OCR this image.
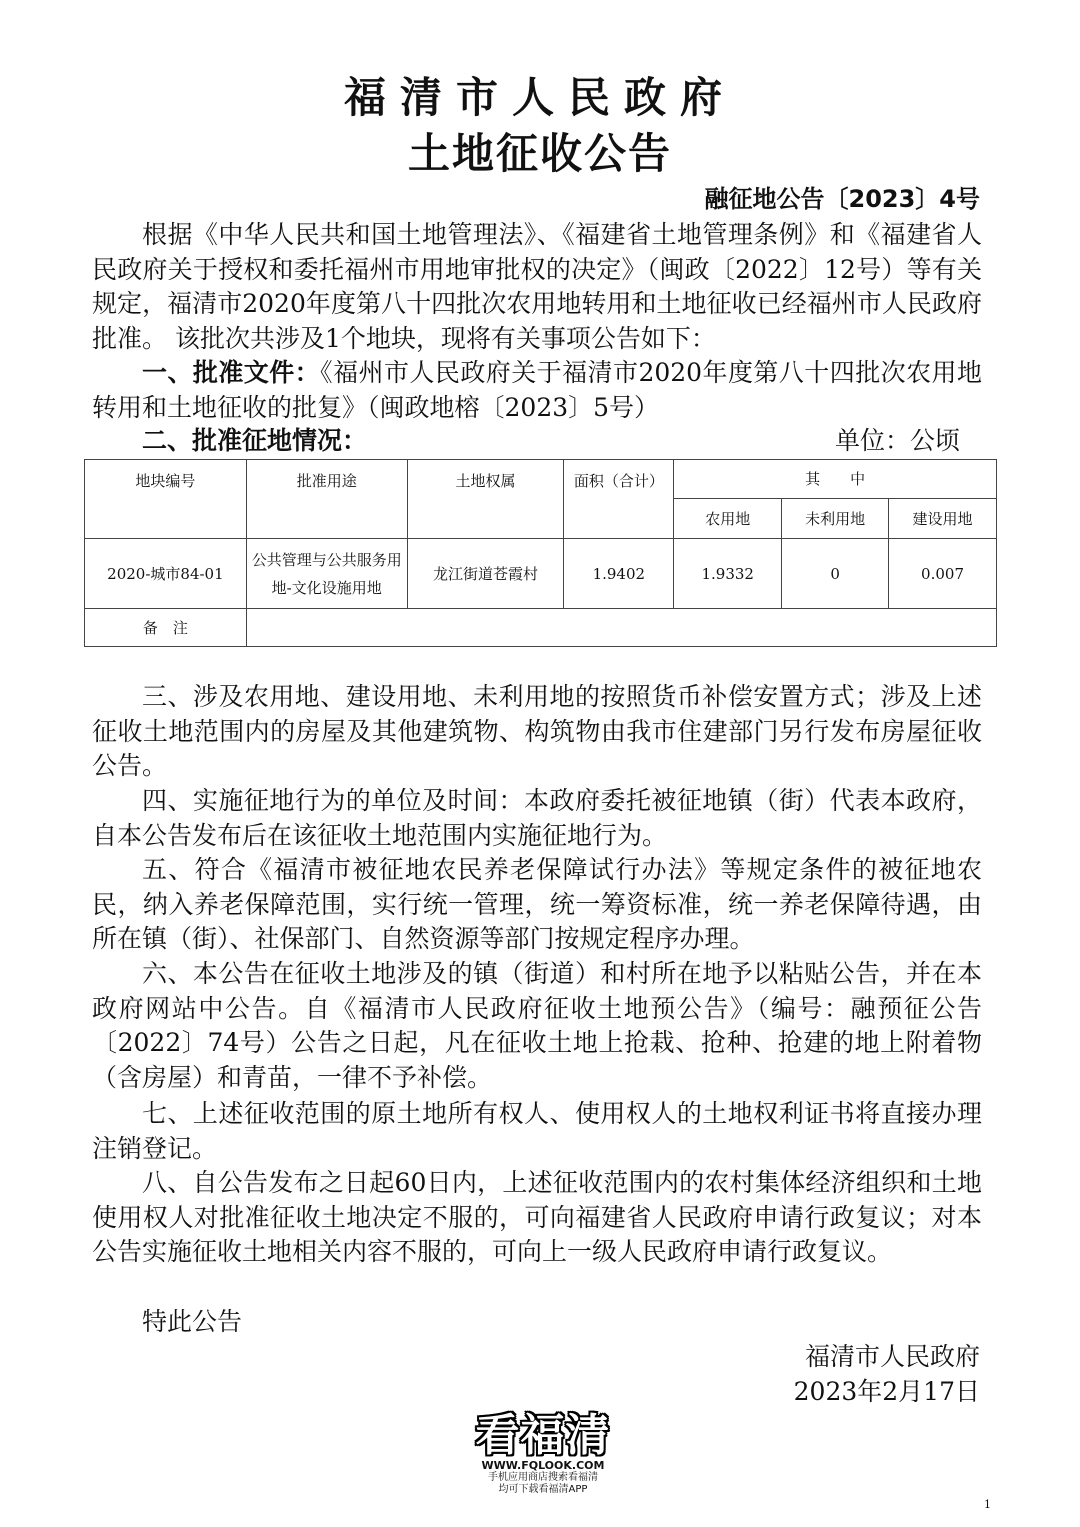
福清市人民政府
土地征收公告
融征地公告〔2023〕4号

根据《中华人民共和国土地管理法》、《福建省土地管理条例》和《福建省人民政府关于授权和委托福州市用地审批权的决定》（闽政〔2022〕12号）等有关规定，福清市2020年度第八十四批次农用地转用和土地征收已经福州市人民政府批准。 该批次共涉及1个地块，现将有关事项公告如下：

一、批准文件：《福州市人民政府关于福清市2020年度第八十四批次农用地转用和土地征收的批复》（闽政地榕〔2023〕5号）

二、批准征地情况：	单位：公顷
地块编号	批准用途	土地权属	面积（合计）	其　　中		
				农用地	未利用地	建设用地
2020-城市84-01	公共管理与公共服务用地-文化设施用地	龙江街道苍霞村	1.9402	1.9332	0	0.007
备　注						

三、涉及农用地、建设用地、未利用地的按照货币补偿安置方式；涉及上述征收土地范围内的房屋及其他建筑物、构筑物由我市住建部门另行发布房屋征收公告。

四、实施征地行为的单位及时间：本政府委托被征地镇（街）代表本政府，自本公告发布后在该征收土地范围内实施征地行为。

五、符合《福清市被征地农民养老保障试行办法》等规定条件的被征地农民，纳入养老保障范围，实行统一管理，统一筹资标准，统一养老保障待遇，由所在镇（街）、社保部门、自然资源等部门按规定程序办理。

六、本公告在征收土地涉及的镇（街道）和村所在地予以粘贴公告，并在本政府网站中公告。自《福清市人民政府征收土地预公告》（编号：融预征公告〔2022〕74号）公告之日起，凡在征收土地上抢栽、抢种、抢建的地上附着物（含房屋）和青苗，一律不予补偿。

七、上述征收范围的原土地所有权人、使用权人的土地权利证书将直接办理注销登记。

八、自公告发布之日起60日内，上述征收范围内的农村集体经济组织和土地使用权人对批准征收土地决定不服的，可向福建省人民政府申请行政复议；对本公告实施征收土地相关内容不服的，可向上一级人民政府申请行政复议。

特此公告

福清市人民政府
2023年2月17日
看福清
WWW.FQLOOK.COM
手机应用商店搜索看福清
均可下载看福清APP
1
